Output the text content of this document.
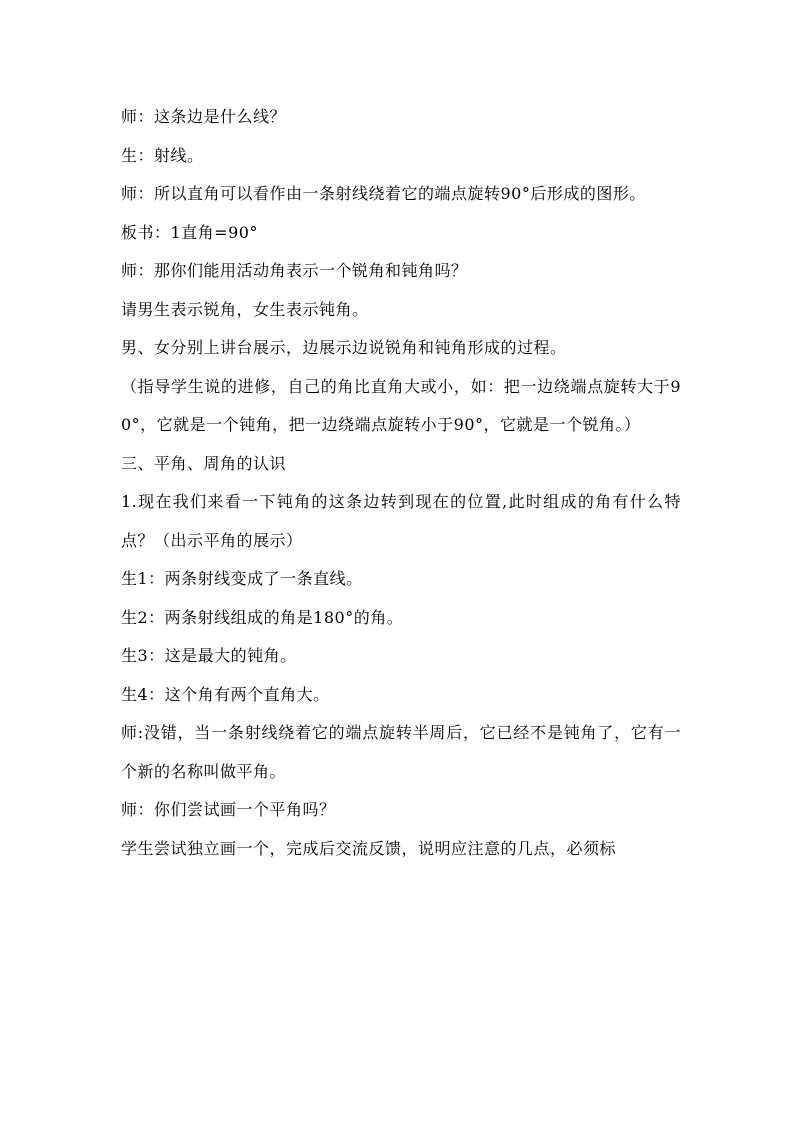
师：这条边是什么线？

生：射线。

师：所以直角可以看作由一条射线绕着它的端点旋转90°后形成的图形。

板书：1直角=90°

师：那你们能用活动角表示一个锐角和钝角吗？

请男生表示锐角，女生表示钝角。

男、女分别上讲台展示，边展示边说锐角和钝角形成的过程。

（指导学生说的进修，自己的角比直角大或小，如：把一边绕端点旋转大于90°，它就是一个钝角，把一边绕端点旋转小于90°，它就是一个锐角。）

三、平角、周角的认识

1.现在我们来看一下钝角的这条边转到现在的位置,此时组成的角有什么特点？（出示平角的展示）

生1：两条射线变成了一条直线。

生2：两条射线组成的角是180°的角。

生3：这是最大的钝角。

生4：这个角有两个直角大。

师:没错，当一条射线绕着它的端点旋转半周后，它已经不是钝角了，它有一个新的名称叫做平角。

师：你们尝试画一个平角吗？

学生尝试独立画一个，完成后交流反馈，说明应注意的几点，必须标
